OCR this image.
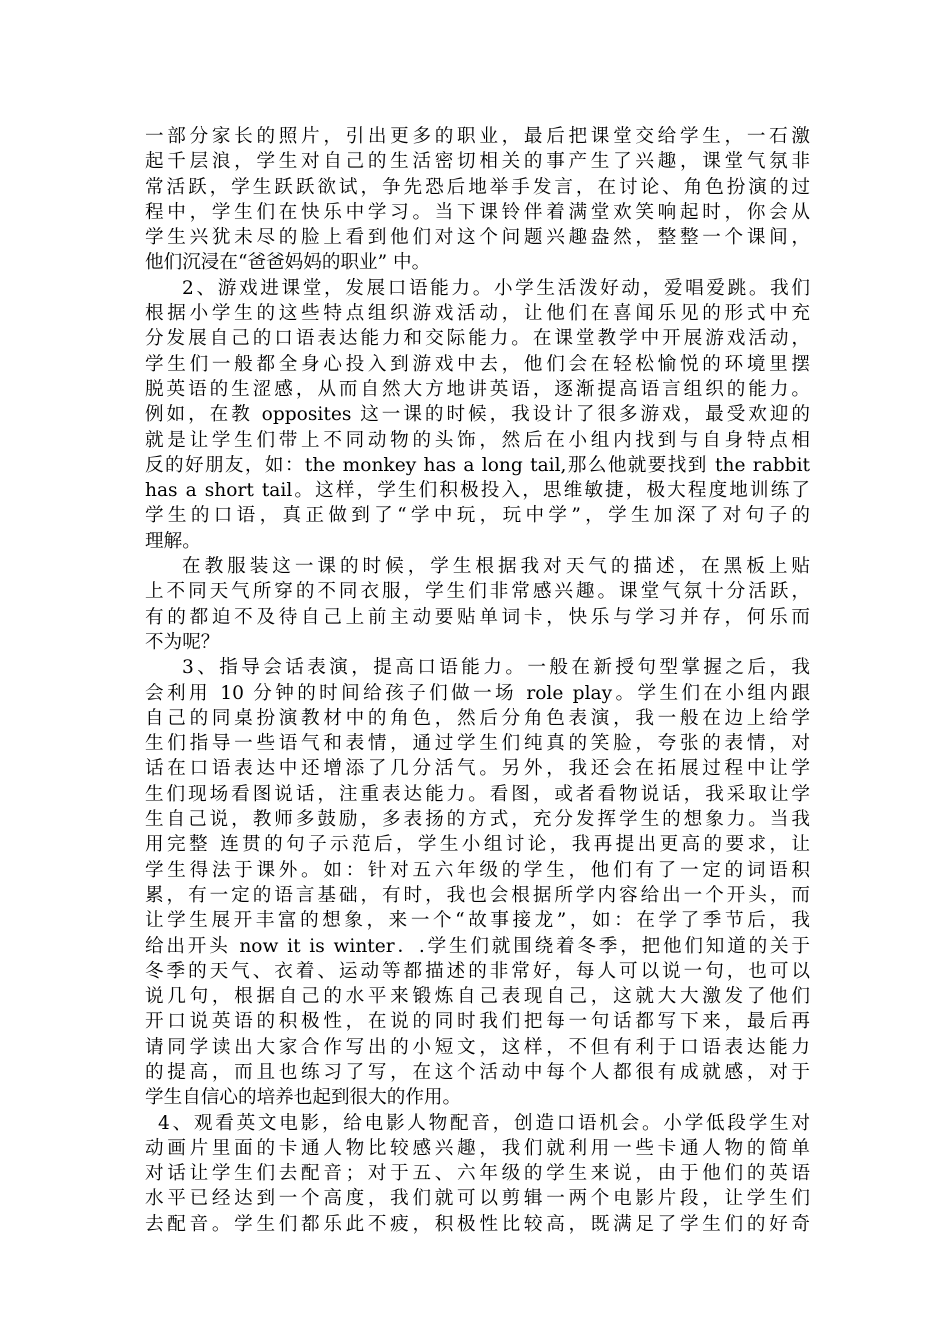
一部分家长的照片，引出更多的职业，最后把课堂交给学生，一石激
起千层浪，学生对自己的生活密切相关的事产生了兴趣，课堂气氛非
常活跃，学生跃跃欲试，争先恐后地举手发言，在讨论、角色扮演的过
程中，学生们在快乐中学习。当下课铃伴着满堂欢笑响起时，你会从
学生兴犹未尽的脸上看到他们对这个问题兴趣盎然，整整一个课间，
他们沉浸在“爸爸妈妈的职业” 中。
2、游戏进课堂，发展口语能力。小学生活泼好动，爱唱爱跳。我们
根据小学生的这些特点组织游戏活动，让他们在喜闻乐见的形式中充
分发展自己的口语表达能力和交际能力。在课堂教学中开展游戏活动，
学生们一般都全身心投入到游戏中去，他们会在轻松愉悦的环境里摆
脱英语的生涩感，从而自然大方地讲英语，逐渐提高语言组织的能力。
例如，在教 opposites 这一课的时候，我设计了很多游戏，最受欢迎的
就是让学生们带上不同动物的头饰，然后在小组内找到与自身特点相
反的好朋友，如：the monkey has a long tail,那么他就要找到 the rabbit
has a short tail。这样，学生们积极投入，思维敏捷，极大程度地训练了
学生的口语，真正做到了“学中玩，玩中学”，学生加深了对句子的
理解。
在教服装这一课的时候，学生根据我对天气的描述，在黑板上贴
上不同天气所穿的不同衣服，学生们非常感兴趣。课堂气氛十分活跃，
有的都迫不及待自己上前主动要贴单词卡，快乐与学习并存，何乐而
不为呢？
3、指导会话表演，提高口语能力。一般在新授句型掌握之后，我
会利用 10 分钟的时间给孩子们做一场 role play。学生们在小组内跟
自己的同桌扮演教材中的角色，然后分角色表演，我一般在边上给学
生们指导一些语气和表情，通过学生们纯真的笑脸，夸张的表情，对
话在口语表达中还增添了几分活气。另外，我还会在拓展过程中让学
生们现场看图说话，注重表达能力。看图，或者看物说话，我采取让学
生自己说，教师多鼓励，多表扬的方式，充分发挥学生的想象力。当我
用完整 连贯的句子示范后，学生小组讨论，我再提出更高的要求，让
学生得法于课外。如：针对五六年级的学生，他们有了一定的词语积
累，有一定的语言基础，有时，我也会根据所学内容给出一个开头，而
让学生展开丰富的想象，来一个“故事接龙”，如：在学了季节后，我
给出开头 now it is winter．.学生们就围绕着冬季，把他们知道的关于
冬季的天气、衣着、运动等都描述的非常好，每人可以说一句，也可以
说几句，根据自己的水平来锻炼自己表现自己，这就大大激发了他们
开口说英语的积极性，在说的同时我们把每一句话都写下来，最后再
请同学读出大家合作写出的小短文，这样，不但有利于口语表达能力
的提高，而且也练习了写，在这个活动中每个人都很有成就感，对于
学生自信心的培养也起到很大的作用。
4、观看英文电影，给电影人物配音，创造口语机会。小学低段学生对
动画片里面的卡通人物比较感兴趣，我们就利用一些卡通人物的简单
对话让学生们去配音；对于五、六年级的学生来说，由于他们的英语
水平已经达到一个高度，我们就可以剪辑一两个电影片段，让学生们
去配音。学生们都乐此不疲，积极性比较高，既满足了学生们的好奇
